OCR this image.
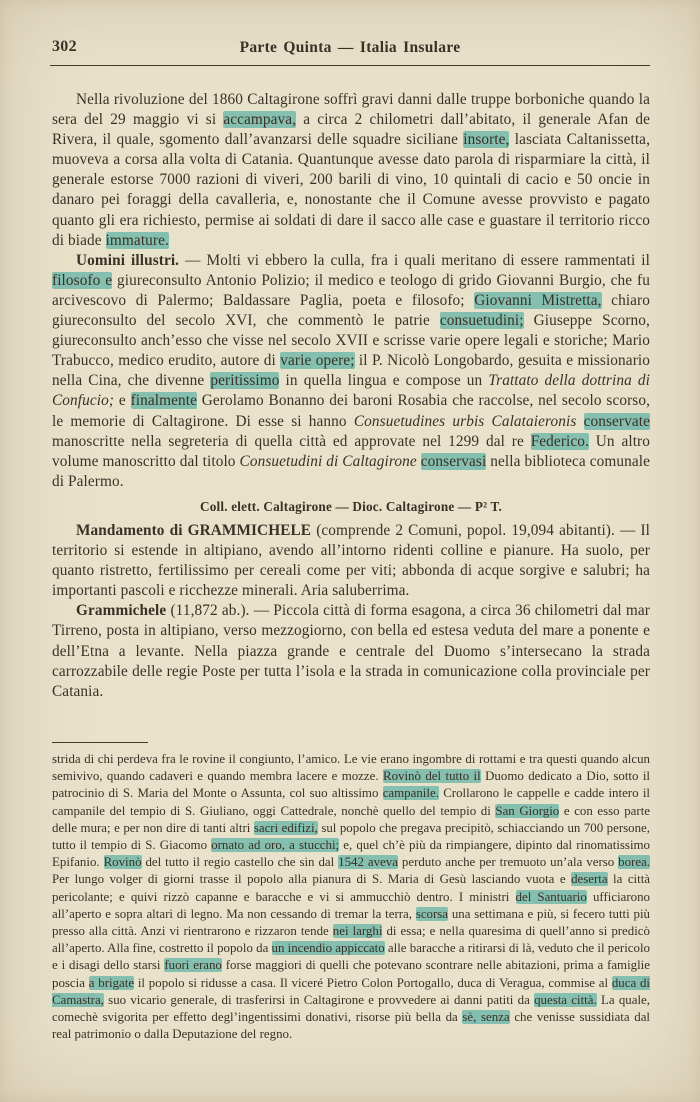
302	Parte Quinta — Italia Insulare

Nella rivoluzione del 1860 Caltagirone soffrì gravi danni dalle truppe borboniche quando la sera del 29 maggio vi si accampava, a circa 2 chilometri dall’abitato, il generale Afan de Rivera, il quale, sgomento dall’avanzarsi delle squadre siciliane insorte, lasciata Caltanissetta, muoveva a corsa alla volta di Catania. Quantunque avesse dato parola di risparmiare la città, il generale estorse 7000 razioni di viveri, 200 barili di vino, 10 quintali di cacio e 50 oncie in danaro pei foraggi della cavalleria, e, nonostante che il Comune avesse provvisto e pagato quanto gli era richiesto, permise ai soldati di dare il sacco alle case e guastare il territorio ricco di biade immature.

Uomini illustri. — Molti vi ebbero la culla, fra i quali meritano di essere rammentati il filosofo e giureconsulto Antonio Polizio; il medico e teologo di grido Giovanni Burgio, che fu arcivescovo di Palermo; Baldassare Paglia, poeta e filosofo; Giovanni Mistretta, chiaro giureconsulto del secolo XVI, che commentò le patrie consuetudini; Giuseppe Scorno, giureconsulto anch’esso che visse nel secolo XVII e scrisse varie opere legali e storiche; Mario Trabucco, medico erudito, autore di varie opere; il P. Nicolò Longobardo, gesuita e missionario nella Cina, che divenne peritissimo in quella lingua e compose un Trattato della dottrina di Confucio; e finalmente Gerolamo Bonanno dei baroni Rosabia che raccolse, nel secolo scorso, le memorie di Caltagirone. Di esse si hanno Consuetudines urbis Calataieronis conservate manoscritte nella segreteria di quella città ed approvate nel 1299 dal re Federico. Un altro volume manoscritto dal titolo Consuetudini di Caltagirone conservasi nella biblioteca comunale di Palermo.

Coll. elett. Caltagirone — Dioc. Caltagirone — P² T.

Mandamento di GRAMMICHELE (comprende 2 Comuni, popol. 19,094 abitanti). — Il territorio si estende in altipiano, avendo all’intorno ridenti colline e pianure. Ha suolo, per quanto ristretto, fertilissimo per cereali come per viti; abbonda di acque sorgive e salubri; ha importanti pascoli e ricchezze minerali. Aria saluberrima.

Grammichele (11,872 ab.). — Piccola città di forma esagona, a circa 36 chilometri dal mar Tirreno, posta in altipiano, verso mezzogiorno, con bella ed estesa veduta del mare a ponente e dell’Etna a levante. Nella piazza grande e centrale del Duomo s’intersecano la strada carrozzabile delle regie Poste per tutta l’isola e la strada in comunicazione colla provinciale per Catania.

strida di chi perdeva fra le rovine il congiunto, l’amico. Le vie erano ingombre di rottami e tra questi quando alcun semivivo, quando cadaveri e quando membra lacere e mozze. Rovinò del tutto il Duomo dedicato a Dio, sotto il patrocinio di S. Maria del Monte o Assunta, col suo altissimo campanile. Crollarono le cappelle e cadde intero il campanile del tempio di S. Giuliano, oggi Cattedrale, nonchè quello del tempio di San Giorgio e con esso parte delle mura; e per non dire di tanti altri sacri edifizi, sul popolo che pregava precipitò, schiacciando un 700 persone, tutto il tempio di S. Giacomo ornato ad oro, a stucchi; e, quel ch’è più da rimpiangere, dipinto dal rinomatissimo Epifanio. Rovinò del tutto il regio castello che sin dal 1542 aveva perduto anche per tremuoto un’ala verso borea. Per lungo volger di giorni trasse il popolo alla pianura di S. Maria di Gesù lasciando vuota e deserta la città pericolante; e quivi rizzò capanne e baracche e vi si ammucchiò dentro. I ministri del Santuario ufficiarono all’aperto e sopra altari di legno. Ma non cessando di tremar la terra, scorsa una settimana e più, si fecero tutti più presso alla città. Anzi vi rientrarono e rizzaron tende nei larghi di essa; e nella quaresima di quell’anno si predicò all’aperto. Alla fine, costretto il popolo da un incendio appiccato alle baracche a ritirarsi di là, veduto che il pericolo e i disagi dello starsi fuori erano forse maggiori di quelli che potevano scontrare nelle abitazioni, prima a famiglie poscia a brigate il popolo si ridusse a casa. Il viceré Pietro Colon Portogallo, duca di Veragua, commise al duca di Camastra, suo vicario generale, di trasferirsi in Caltagirone e provvedere ai danni patiti da questa città. La quale, comechè svigorita per effetto degl’ingentissimi donativi, risorse più bella da sè, senza che venisse sussidiata dal real patrimonio o dalla Deputazione del regno.
